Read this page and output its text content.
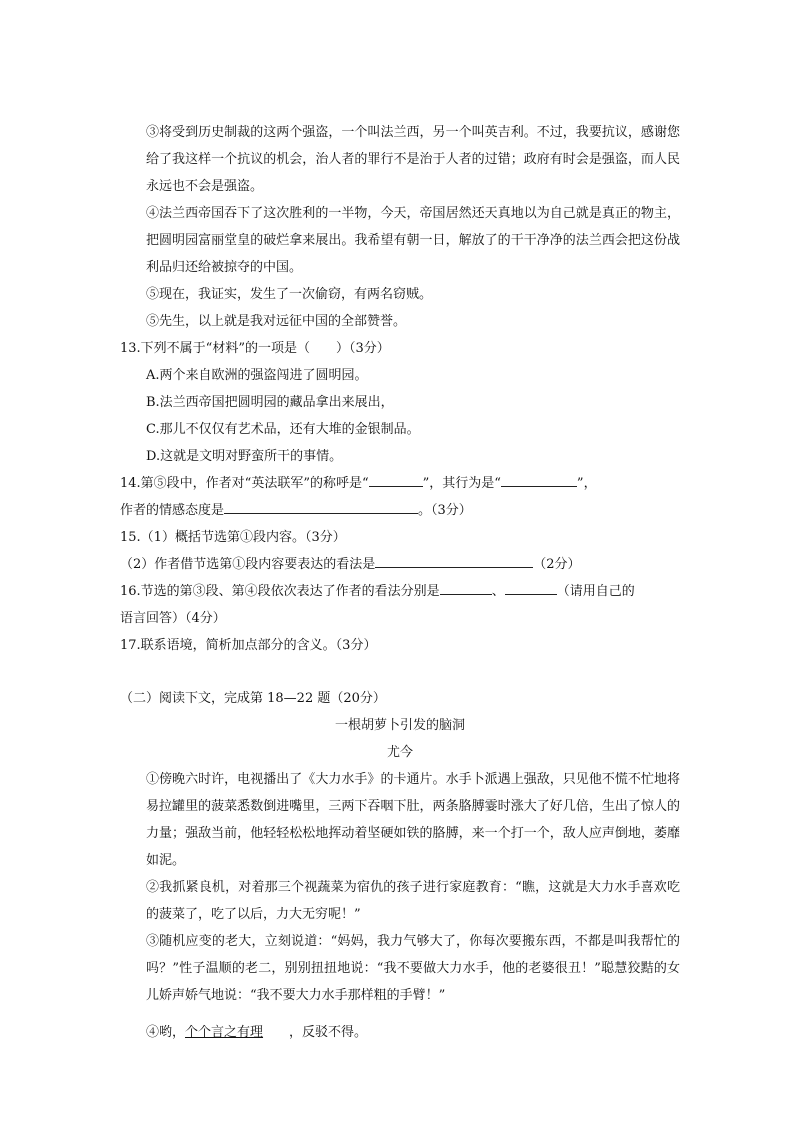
③将受到历史制裁的这两个强盗，一个叫法兰西，另一个叫英吉利。不过，我要抗议，感谢您给了我这样一个抗议的机会，治人者的罪行不是治于人者的过错；政府有时会是强盗，而人民永远也不会是强盗。

④法兰西帝国吞下了这次胜利的一半物，今天，帝国居然还天真地以为自己就是真正的物主，把圆明园富丽堂皇的破烂拿来展出。我希望有朝一日，解放了的干干净净的法兰西会把这份战利品归还给被掠夺的中国。

⑤现在，我证实，发生了一次偷窃，有两名窃贼。

⑤先生，以上就是我对远征中国的全部赞誉。

13.下列不属于“材料”的一项是（　　）（3分）

A.两个来自欧洲的强盗闯进了圆明园。

B.法兰西帝国把圆明园的藏品拿出来展出，

C.那儿不仅仅有艺术品，还有大堆的金银制品。

D.这就是文明对野蛮所干的事情。

14.第⑤段中，作者对“英法联军”的称呼是“	”，其行为是“	”，

作者的情感态度是	。（3分）

15.（1）概括节选第①段内容。（3分）

（2）作者借节选第①段内容要表达的看法是	（2分）

16.节选的第③段、第④段依次表达了作者的看法分别是	、	（请用自己的

语言回答）（4分）

17.联系语境，简析加点部分的含义。（3分）

（二）阅读下文，完成第 18—22 题（20分）

一根胡萝卜引发的脑洞

尤今

①傍晚六时许，电视播出了《大力水手》的卡通片。水手卜派遇上强敌，只见他不慌不忙地将易拉罐里的菠菜悉数倒进嘴里，三两下吞咽下肚，两条胳膊霎时涨大了好几倍，生出了惊人的力量；强敌当前，他轻轻松松地挥动着坚硬如铁的胳膊，来一个打一个，敌人应声倒地，萎靡如泥。

②我抓紧良机，对着那三个视蔬菜为宿仇的孩子进行家庭教育：“瞧，这就是大力水手喜欢吃的菠菜了，吃了以后，力大无穷呢！”

③随机应变的老大，立刻说道：“妈妈，我力气够大了，你每次要搬东西，不都是叫我帮忙的吗？”性子温顺的老二，别别扭扭地说：“我不要做大力水手，他的老婆很丑！”聪慧狡黠的女儿娇声娇气地说：“我不要大力水手那样粗的手臂！”

④哟，个个言之有理 ，反驳不得。
